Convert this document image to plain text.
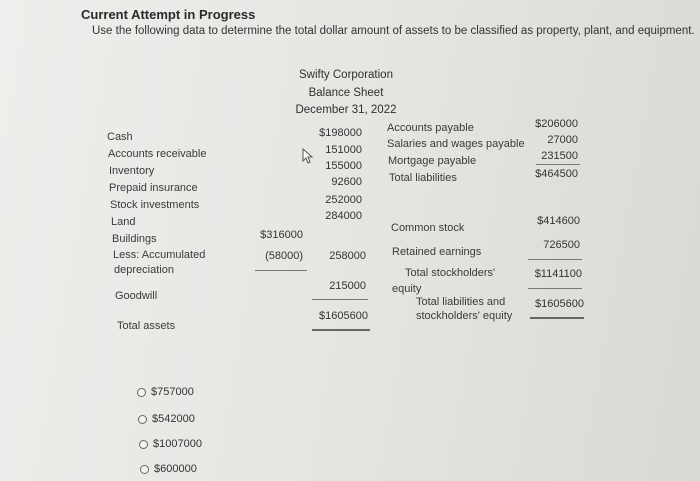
Current Attempt in Progress
Use the following data to determine the total dollar amount of assets to be classified as property, plant, and equipment.
Swifty Corporation
Balance Sheet
December 31, 2022
Cash
Accounts receivable
Inventory
Prepaid insurance
Stock investments
Land
Buildings
Less: Accumulated
depreciation
Goodwill
Total assets
$198000
151000
155000
92600
252000
284000
$316000
(58000)	258000
215000
$1605600
Accounts payable
Salaries and wages payable
Mortgage payable
Total liabilities
$206000
27000
231500
$464500
Common stock
$414600
Retained earnings
726500
Total stockholders'
equity
$1141100
Total liabilities and
stockholders' equity
$1605600
$757000
$542000
$1007000
$600000
